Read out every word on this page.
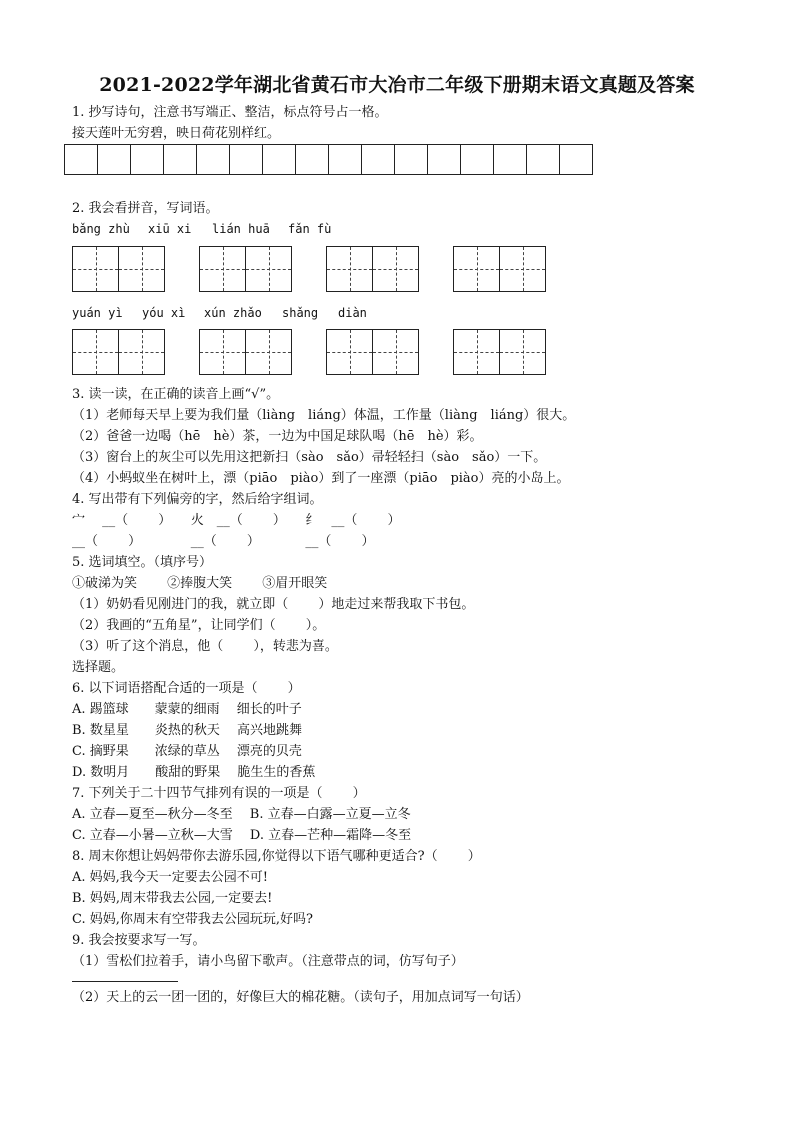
2021-2022学年湖北省黄石市大冶市二年级下册期末语文真题及答案
1. 抄写诗句，注意书写端正、整洁，标点符号占一格。
接天莲叶无穷碧，映日荷花别样红。
2. 我会看拼音，写词语。
bǎng zhù xiū xi lián huā fǎn fù
yuán yì yóu xì xún zhǎo shǎng diàn
3. 读一读，在正确的读音上画“√”。
（1）老师每天早上要为我们量（liàng　liáng）体温，工作量（liàng　liáng）很大。
（2）爸爸一边喝（hē　hè）茶，一边为中国足球队喝（hē　hè）彩。
（3）窗台上的灰尘可以先用这把新扫（sào　sǎo）帚轻轻扫（sào　sǎo）一下。
（4）小蚂蚁坐在树叶上，漂（piāo　piào）到了一座漂（piāo　piào）亮的小岛上。
4. 写出带有下列偏旁的字，然后给字组词。
宀　 __（　　 ）　　火　__（　　 ）　　纟　__（　　 ）
__（　　 ）　　　　 __（　　 ）　　　　__（　　 ）
5. 选词填空。（填序号）
①破涕为笑　　 ②捧腹大笑　　 ③眉开眼笑
（1）奶奶看见刚进门的我，就立即（　　 ）地走过来帮我取下书包。
（2）我画的“五角星”，让同学们（　　 ）。
（3）听了这个消息，他（　　 ），转悲为喜。
选择题。
6. 以下词语搭配合适的一项是（　　 ）
A. 踢篮球　　蒙蒙的细雨　 细长的叶子
B. 数星星　　炎热的秋天　 高兴地跳舞
C. 摘野果　　浓绿的草丛　 漂亮的贝壳
D. 数明月　　酸甜的野果　 脆生生的香蕉
7. 下列关于二十四节气排列有误的一项是（　　 ）
A. 立春—夏至—秋分—冬至　 B. 立春—白露—立夏—立冬
C. 立春—小暑—立秋—大雪　 D. 立春—芒种—霜降—冬至
8. 周末你想让妈妈带你去游乐园,你觉得以下语气哪种更适合?（　　 ）
A. 妈妈,我今天一定要去公园不可!
B. 妈妈,周末带我去公园,一定要去!
C. 妈妈,你周末有空带我去公园玩玩,好吗?
9. 我会按要求写一写。
（1）雪松们拉着手，请小鸟留下歌声。（注意带点的词，仿写句子）
（2）天上的云一团一团的，好像巨大的棉花糖。（读句子，用加点词写一句话）
